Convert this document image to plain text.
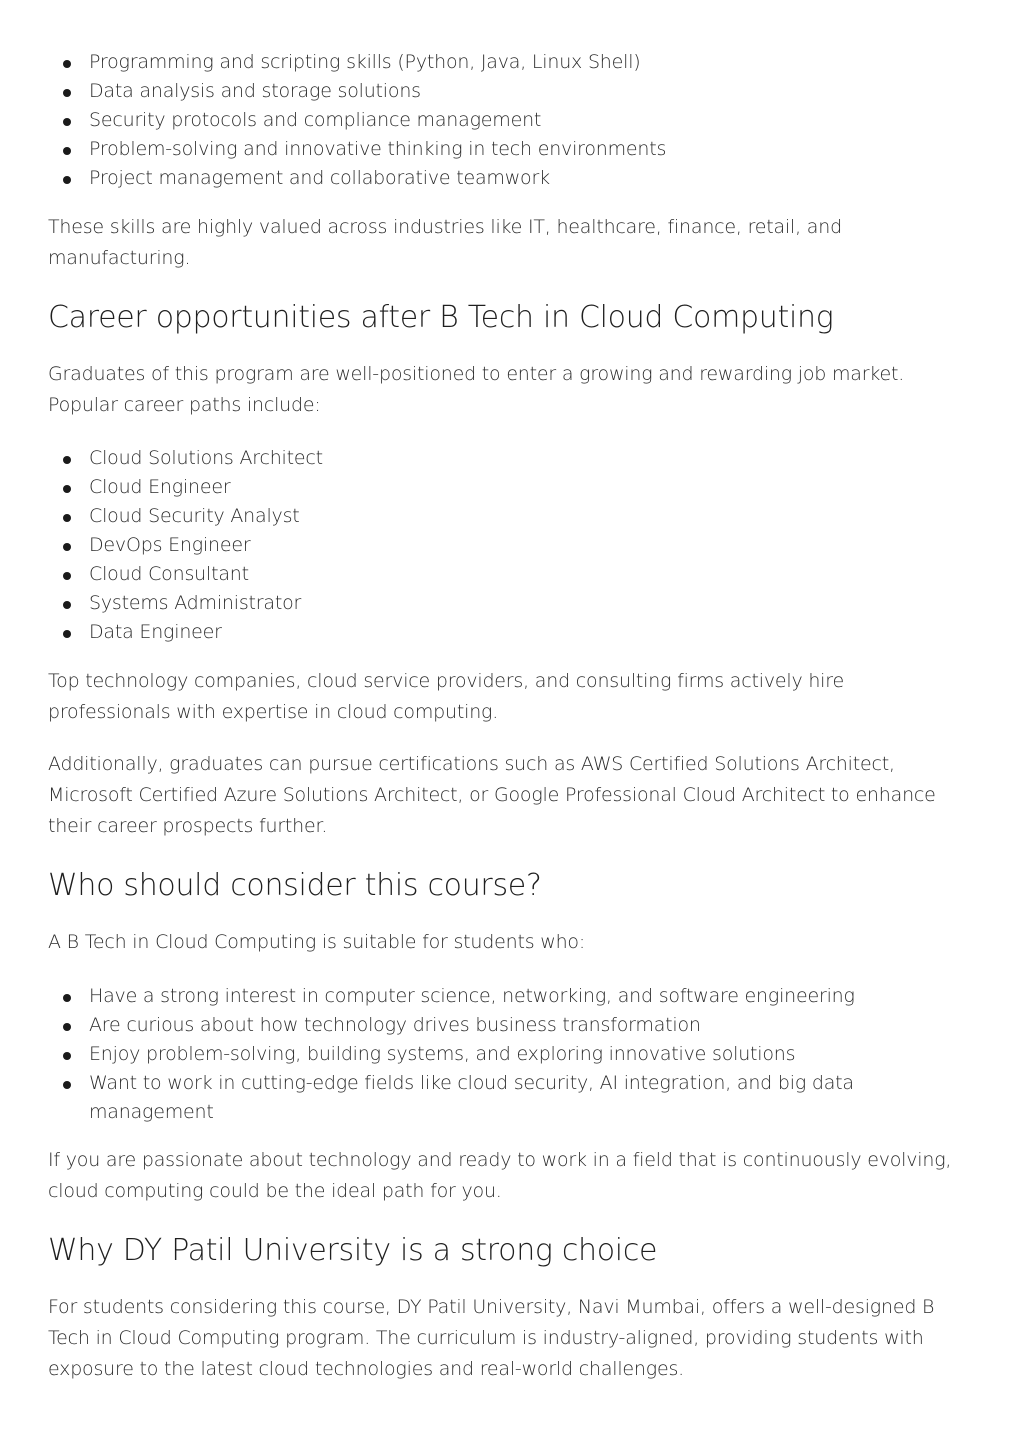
Programming and scripting skills (Python, Java, Linux Shell)
Data analysis and storage solutions
Security protocols and compliance management
Problem-solving and innovative thinking in tech environments
Project management and collaborative teamwork

These skills are highly valued across industries like IT, healthcare, finance, retail, and manufacturing.

Career opportunities after B Tech in Cloud Computing

Graduates of this program are well-positioned to enter a growing and rewarding job market. Popular career paths include:

Cloud Solutions Architect
Cloud Engineer
Cloud Security Analyst
DevOps Engineer
Cloud Consultant
Systems Administrator
Data Engineer

Top technology companies, cloud service providers, and consulting firms actively hire professionals with expertise in cloud computing.

Additionally, graduates can pursue certifications such as AWS Certified Solutions Architect, Microsoft Certified Azure Solutions Architect, or Google Professional Cloud Architect to enhance their career prospects further.

Who should consider this course?

A B Tech in Cloud Computing is suitable for students who:

Have a strong interest in computer science, networking, and software engineering
Are curious about how technology drives business transformation
Enjoy problem-solving, building systems, and exploring innovative solutions
Want to work in cutting-edge fields like cloud security, AI integration, and big data management

If you are passionate about technology and ready to work in a field that is continuously evolving, cloud computing could be the ideal path for you.

Why DY Patil University is a strong choice

For students considering this course, DY Patil University, Navi Mumbai, offers a well-designed B Tech in Cloud Computing program. The curriculum is industry-aligned, providing students with exposure to the latest cloud technologies and real-world challenges.
